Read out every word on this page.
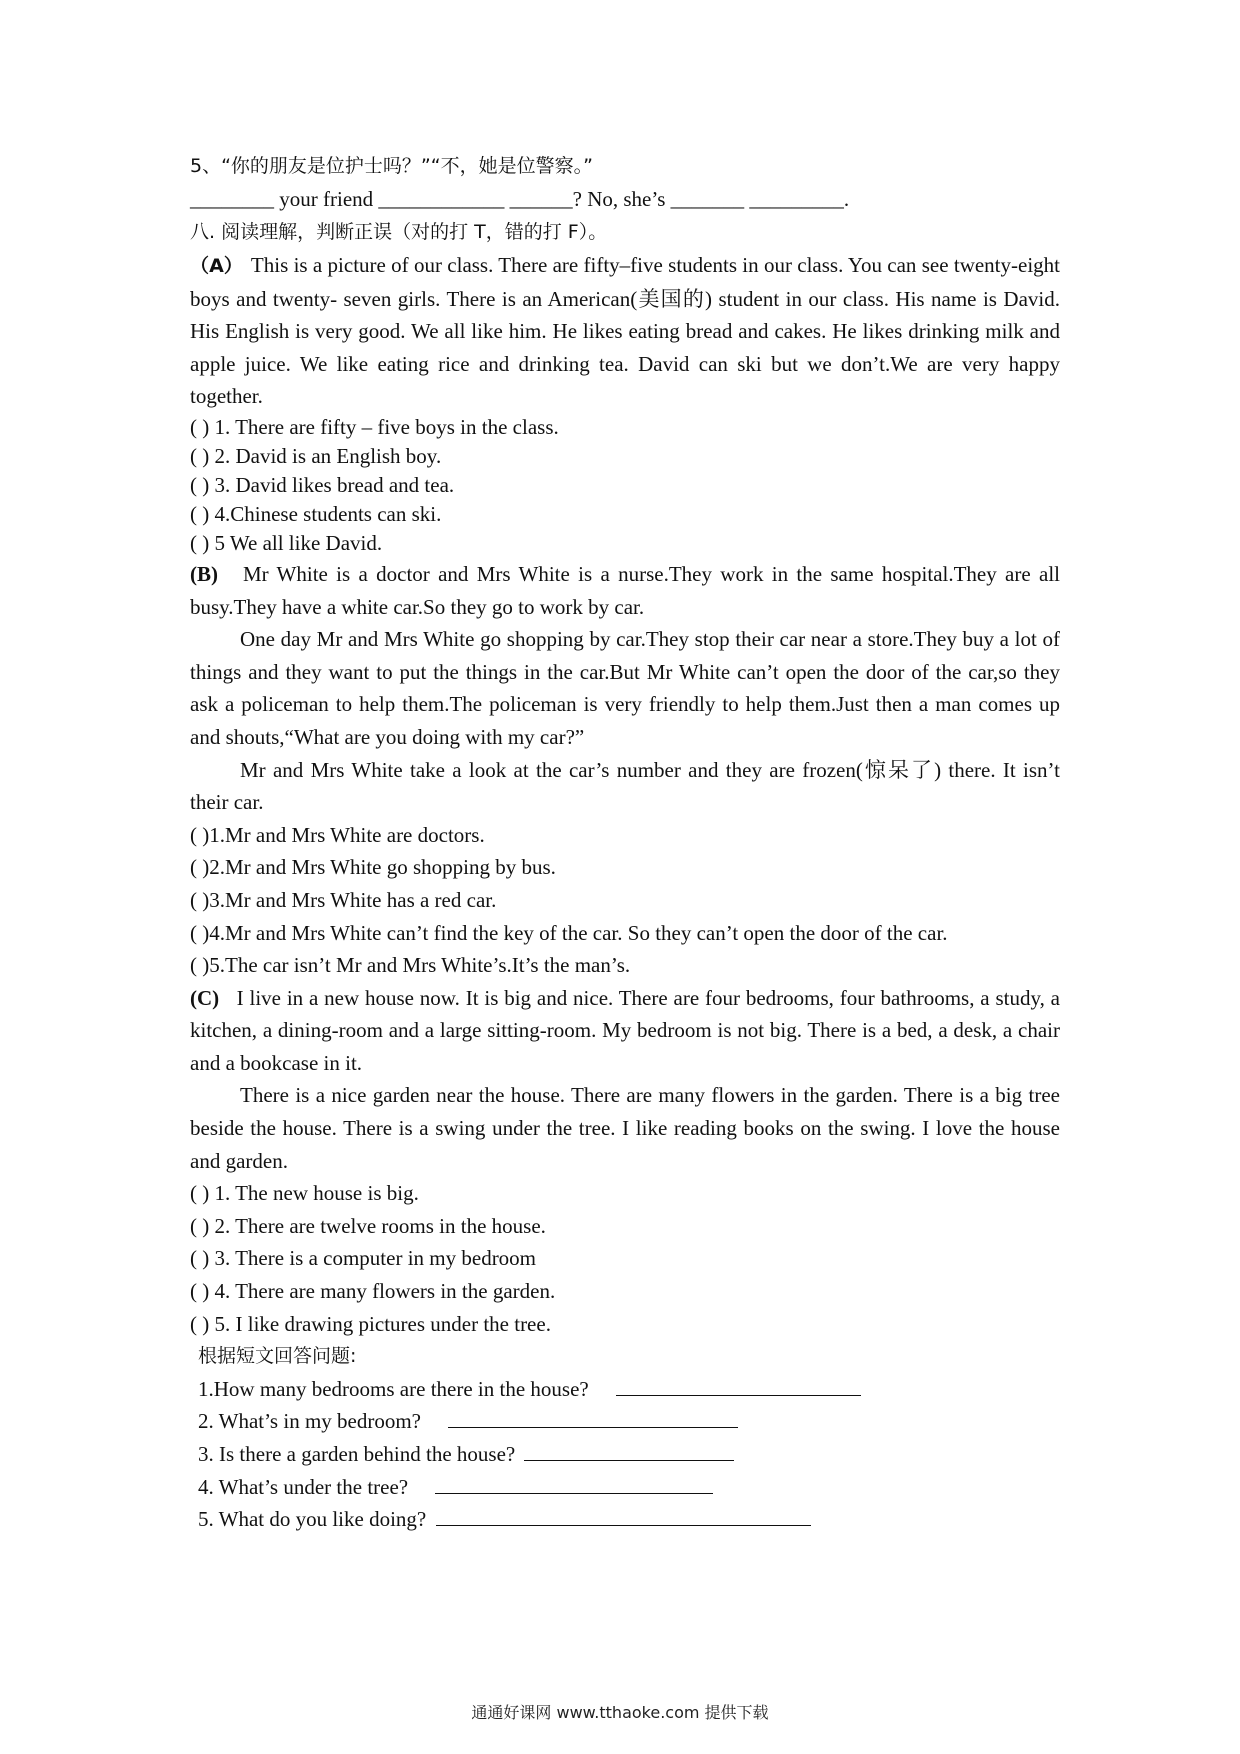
5、“你的朋友是位护士吗？”“不，她是位警察。”
________ your friend ____________ ______? No, she’s _______ _________.
八. 阅读理解，判断正误（对的打 T，错的打 F）。
（A） This is a picture of our class. There are fifty–five students in our class. You can see twenty-eight boys and twenty- seven girls. There is an American(美国的) student in our class. His name is David. His English is very good. We all like him. He likes eating bread and cakes. He likes drinking milk and apple juice. We like eating rice and drinking tea. David can ski but we don’t.We are very happy together.
( ) 1. There are fifty – five boys in the class.
( ) 2. David is an English boy.
( ) 3. David likes bread and tea.
( ) 4.Chinese students can ski.
( ) 5 We all like David.
(B) Mr White is a doctor and Mrs White is a nurse.They work in the same hospital.They are all busy.They have a white car.So they go to work by car.
One day Mr and Mrs White go shopping by car.They stop their car near a store.They buy a lot of things and they want to put the things in the car.But Mr White can’t open the door of the car,so they ask a policeman to help them.The policeman is very friendly to help them.Just then a man comes up and shouts,“What are you doing with my car?”
Mr and Mrs White take a look at the car’s number and they are frozen(惊呆了) there. It isn’t their car.
( )1.Mr and Mrs White are doctors.
( )2.Mr and Mrs White go shopping by bus.
( )3.Mr and Mrs White has a red car.
( )4.Mr and Mrs White can’t find the key of the car. So they can’t open the door of the car.
( )5.The car isn’t Mr and Mrs White’s.It’s the man’s.
(C) I live in a new house now. It is big and nice. There are four bedrooms, four bathrooms, a study, a kitchen, a dining-room and a large sitting-room. My bedroom is not big. There is a bed, a desk, a chair and a bookcase in it.
There is a nice garden near the house. There are many flowers in the garden. There is a big tree beside the house. There is a swing under the tree. I like reading books on the swing. I love the house and garden.
( ) 1. The new house is big.
( ) 2. There are twelve rooms in the house.
( ) 3. There is a computer in my bedroom
( ) 4. There are many flowers in the garden.
( ) 5. I like drawing pictures under the tree.
根据短文回答问题:
1.How many bedrooms are there in the house?
2. What’s in my bedroom?
3. Is there a garden behind the house?
4. What’s under the tree?
5. What do you like doing?
通通好课网 www.tthaoke.com 提供下载
